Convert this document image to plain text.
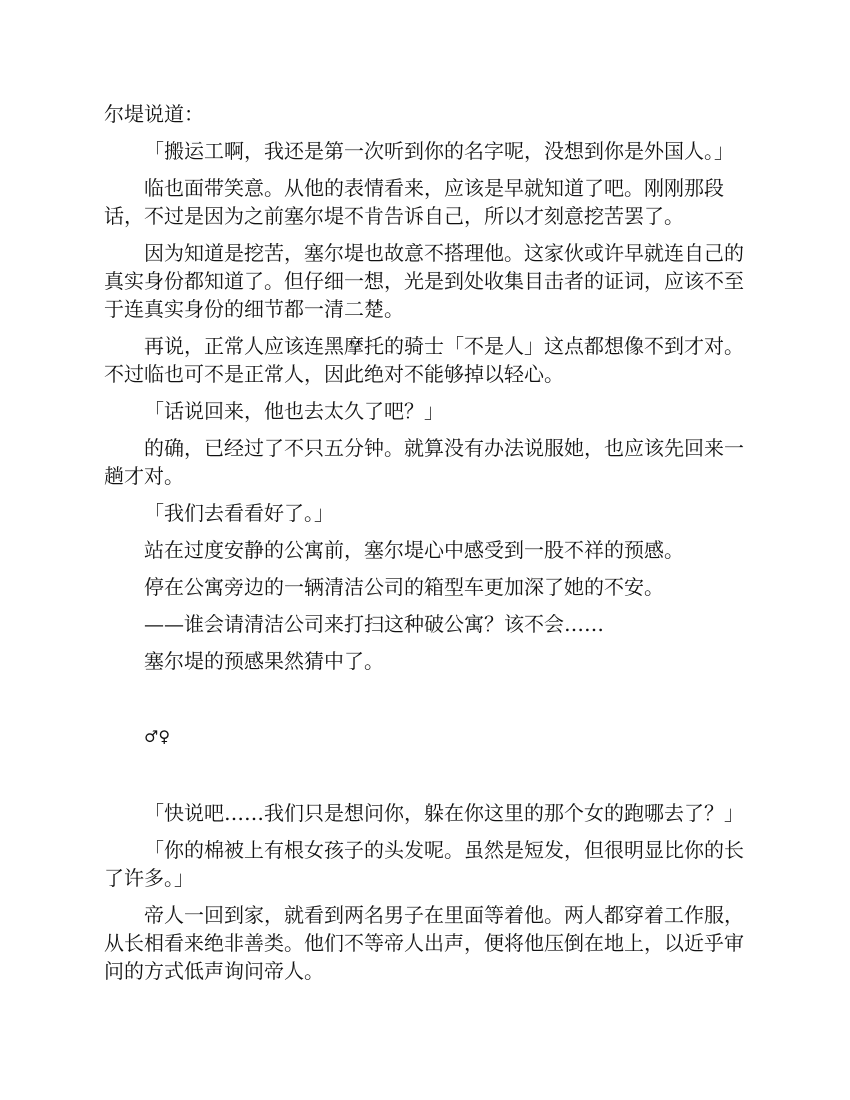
尔堤说道：

「搬运工啊，我还是第一次听到你的名字呢，没想到你是外国人。」

临也面带笑意。从他的表情看来，应该是早就知道了吧。刚刚那段话，不过是因为之前塞尔堤不肯告诉自己，所以才刻意挖苦罢了。

因为知道是挖苦，塞尔堤也故意不搭理他。这家伙或许早就连自己的真实身份都知道了。但仔细一想，光是到处收集目击者的证词，应该不至于连真实身份的细节都一清二楚。

再说，正常人应该连黑摩托的骑士「不是人」这点都想像不到才对。不过临也可不是正常人，因此绝对不能够掉以轻心。

「话说回来，他也去太久了吧？」

的确，已经过了不只五分钟。就算没有办法说服她，也应该先回来一趟才对。

「我们去看看好了。」

站在过度安静的公寓前，塞尔堤心中感受到一股不祥的预感。

停在公寓旁边的一辆清洁公司的箱型车更加深了她的不安。

——谁会请清洁公司来打扫这种破公寓？该不会……

塞尔堤的预感果然猜中了。

♂♀

「快说吧……我们只是想问你，躲在你这里的那个女的跑哪去了？」

「你的棉被上有根女孩子的头发呢。虽然是短发，但很明显比你的长了许多。」

帝人一回到家，就看到两名男子在里面等着他。两人都穿着工作服，从长相看来绝非善类。他们不等帝人出声，便将他压倒在地上，以近乎审问的方式低声询问帝人。
